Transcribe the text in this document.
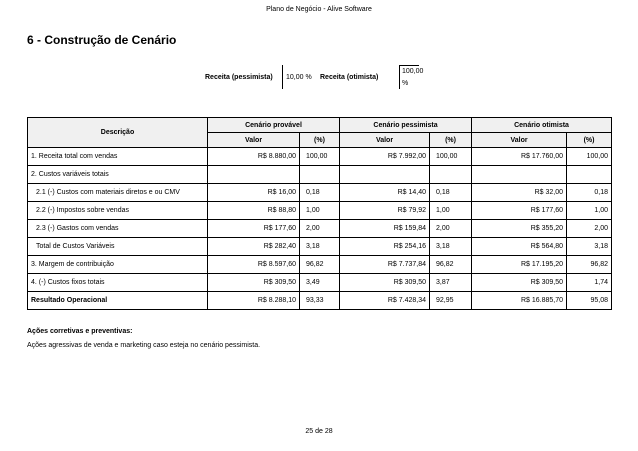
Plano de Negócio - Alive Software
6 - Construção de Cenário
Receita (pessimista) 10,00 % Receita (otimista)
100,00
%
Descrição	Cenário provável		Cenário pessimista		Cenário otimista	
	Valor	(%)	Valor	(%)	Valor	(%)
1. Receita total com vendas	R$ 8.880,00	100,00	R$ 7.992,00	100,00	R$ 17.760,00	100,00
2. Custos variáveis totais						
2.1 (-) Custos com materiais diretos e ou CMV	R$ 16,00	0,18	R$ 14,40	0,18	R$ 32,00	0,18
2.2 (-) Impostos sobre vendas	R$ 88,80	1,00	R$ 79,92	1,00	R$ 177,60	1,00
2.3 (-) Gastos com vendas	R$ 177,60	2,00	R$ 159,84	2,00	R$ 355,20	2,00
Total de Custos Variáveis	R$ 282,40	3,18	R$ 254,16	3,18	R$ 564,80	3,18
3. Margem de contribuição	R$ 8.597,60	96,82	R$ 7.737,84	96,82	R$ 17.195,20	96,82
4. (-) Custos fixos totais	R$ 309,50	3,49	R$ 309,50	3,87	R$ 309,50	1,74
Resultado Operacional	R$ 8.288,10	93,33	R$ 7.428,34	92,95	R$ 16.885,70	95,08
Ações corretivas e preventivas:
Ações agressivas de venda e marketing caso esteja no cenário pessimista.
25 de 28
